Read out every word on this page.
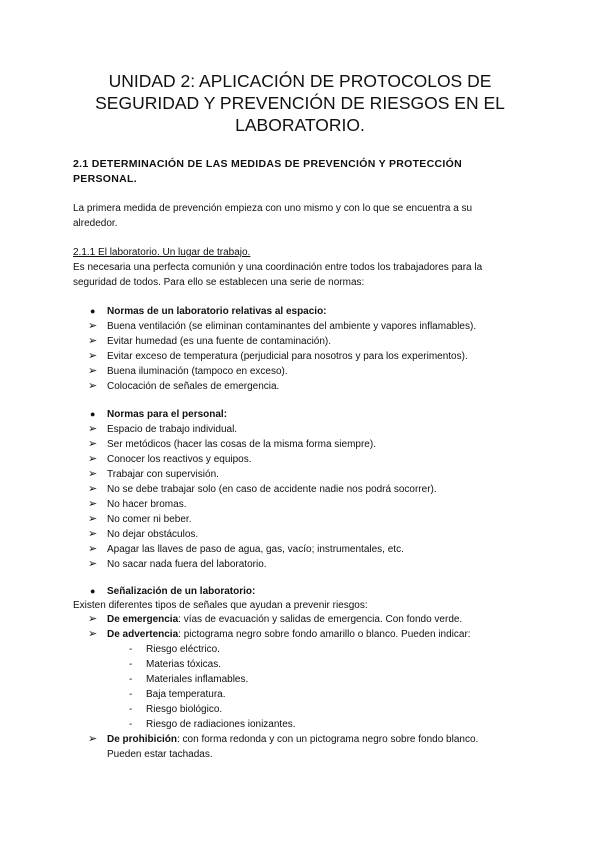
UNIDAD 2: APLICACIÓN DE PROTOCOLOS DE
SEGURIDAD Y PREVENCIÓN DE RIESGOS EN EL
LABORATORIO.
2.1 DETERMINACIÓN DE LAS MEDIDAS DE PREVENCIÓN Y PROTECCIÓN
PERSONAL.
La primera medida de prevención empieza con uno mismo y con lo que se encuentra a su
alrededor.
2.1.1 El laboratorio. Un lugar de trabajo.
Es necesaria una perfecta comunión y una coordinación entre todos los trabajadores para la
seguridad de todos. Para ello se establecen una serie de normas:
● Normas de un laboratorio relativas al espacio:
➢ Buena ventilación (se eliminan contaminantes del ambiente y vapores inflamables).
➢ Evitar humedad (es una fuente de contaminación).
➢ Evitar exceso de temperatura (perjudicial para nosotros y para los experimentos).
➢ Buena iluminación (tampoco en exceso).
➢ Colocación de señales de emergencia.
● Normas para el personal:
➢ Espacio de trabajo individual.
➢ Ser metódicos (hacer las cosas de la misma forma siempre).
➢ Conocer los reactivos y equipos.
➢ Trabajar con supervisión.
➢ No se debe trabajar solo (en caso de accidente nadie nos podrá socorrer).
➢ No hacer bromas.
➢ No comer ni beber.
➢ No dejar obstáculos.
➢ Apagar las llaves de paso de agua, gas, vacío; instrumentales, etc.
➢ No sacar nada fuera del laboratorio.
● Señalización de un laboratorio:
Existen diferentes tipos de señales que ayudan a prevenir riesgos:
➢ De emergencia: vías de evacuación y salidas de emergencia. Con fondo verde.
➢ De advertencia: pictograma negro sobre fondo amarillo o blanco. Pueden indicar:
- Riesgo eléctrico.
- Materias tóxicas.
- Materiales inflamables.
- Baja temperatura.
- Riesgo biológico.
- Riesgo de radiaciones ionizantes.
➢ De prohibición: con forma redonda y con un pictograma negro sobre fondo blanco.
Pueden estar tachadas.
